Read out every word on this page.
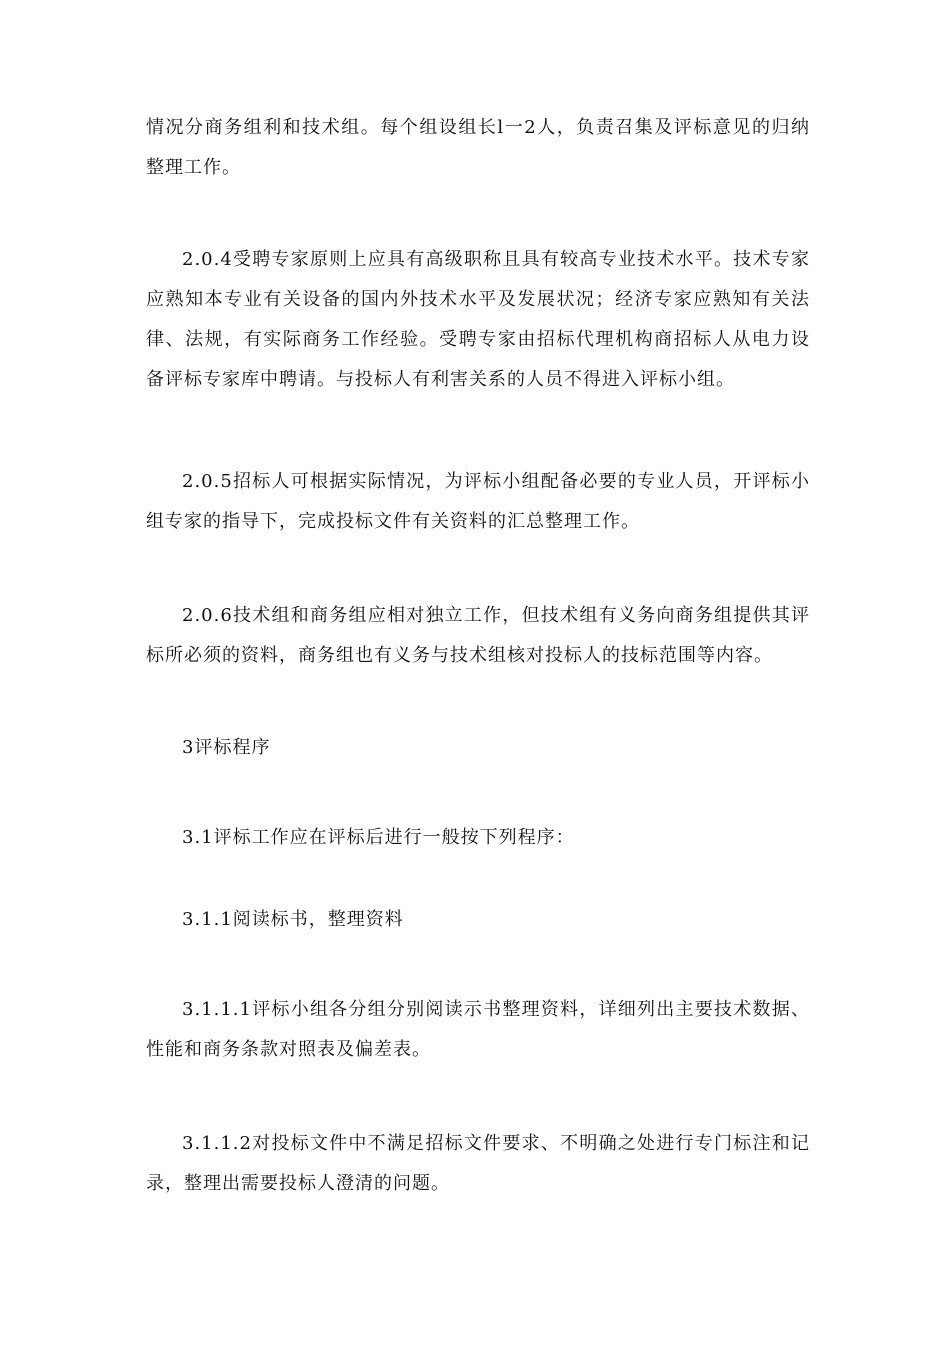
情况分商务组利和技术组。每个组设组长l一2人，负责召集及评标意见的归纳整理工作。

2.0.4受聘专家原则上应具有高级职称且具有较高专业技术水平。技术专家应熟知本专业有关设备的国内外技术水平及发展状况；经济专家应熟知有关法律、法规，有实际商务工作经验。受聘专家由招标代理机构商招标人从电力设备评标专家库中聘请。与投标人有利害关系的人员不得进入评标小组。

2.0.5招标人可根据实际情况，为评标小组配备必要的专业人员，开评标小组专家的指导下，完成投标文件有关资料的汇总整理工作。

2.0.6技术组和商务组应相对独立工作，但技术组有义务向商务组提供其评标所必须的资料，商务组也有义务与技术组核对投标人的技标范围等内容。

3评标程序

3.1评标工作应在评标后进行一般按下列程序：

3.1.1阅读标书，整理资料

3.1.1.1评标小组各分组分别阅读示书整理资料，详细列出主要技术数据、性能和商务条款对照表及偏差表。

3.1.1.2对投标文件中不满足招标文件要求、不明确之处进行专门标注和记录，整理出需要投标人澄清的问题。
